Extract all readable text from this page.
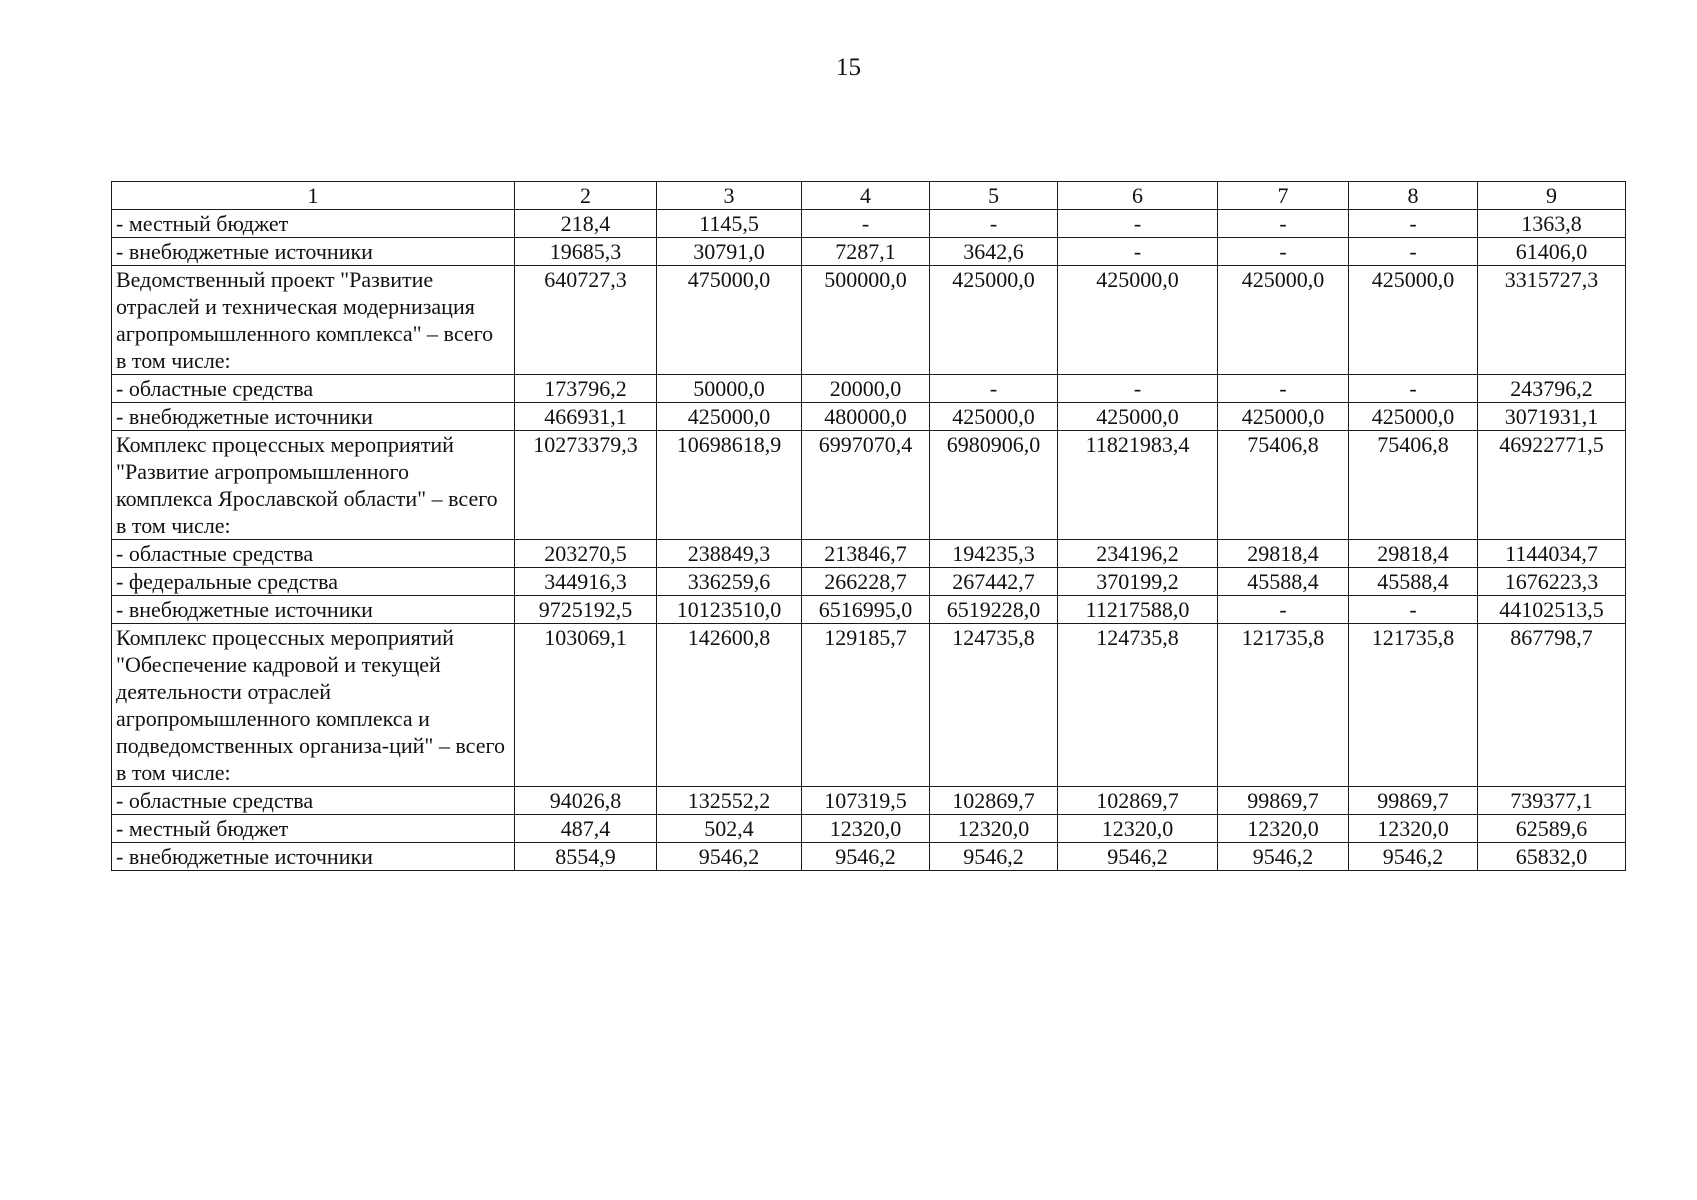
15
1	2	3	4	5	6	7	8	9
- местный бюджет	218,4	1145,5	-	-	-	-	-	1363,8
- внебюджетные источники	19685,3	30791,0	7287,1	3642,6	-	-	-	61406,0
Ведомственный проект "Развитие отраслей и техническая модернизация агропромышленного комплекса" – всего
в том числе:	640727,3	475000,0	500000,0	425000,0	425000,0	425000,0	425000,0	3315727,3
- областные средства	173796,2	50000,0	20000,0	-	-	-	-	243796,2
- внебюджетные источники	466931,1	425000,0	480000,0	425000,0	425000,0	425000,0	425000,0	3071931,1
Комплекс процессных мероприятий "Развитие агропромышленного комплекса Ярославской области" – всего
в том числе:	10273379,3	10698618,9	6997070,4	6980906,0	11821983,4	75406,8	75406,8	46922771,5
- областные средства	203270,5	238849,3	213846,7	194235,3	234196,2	29818,4	29818,4	1144034,7
- федеральные средства	344916,3	336259,6	266228,7	267442,7	370199,2	45588,4	45588,4	1676223,3
- внебюджетные источники	9725192,5	10123510,0	6516995,0	6519228,0	11217588,0	-	-	44102513,5
Комплекс процессных мероприятий "Обеспечение кадровой и текущей деятельности отраслей агропромышленного комплекса и подведомственных организа-ций" – всего
в том числе:	103069,1	142600,8	129185,7	124735,8	124735,8	121735,8	121735,8	867798,7
- областные средства	94026,8	132552,2	107319,5	102869,7	102869,7	99869,7	99869,7	739377,1
- местный бюджет	487,4	502,4	12320,0	12320,0	12320,0	12320,0	12320,0	62589,6
- внебюджетные источники	8554,9	9546,2	9546,2	9546,2	9546,2	9546,2	9546,2	65832,0
